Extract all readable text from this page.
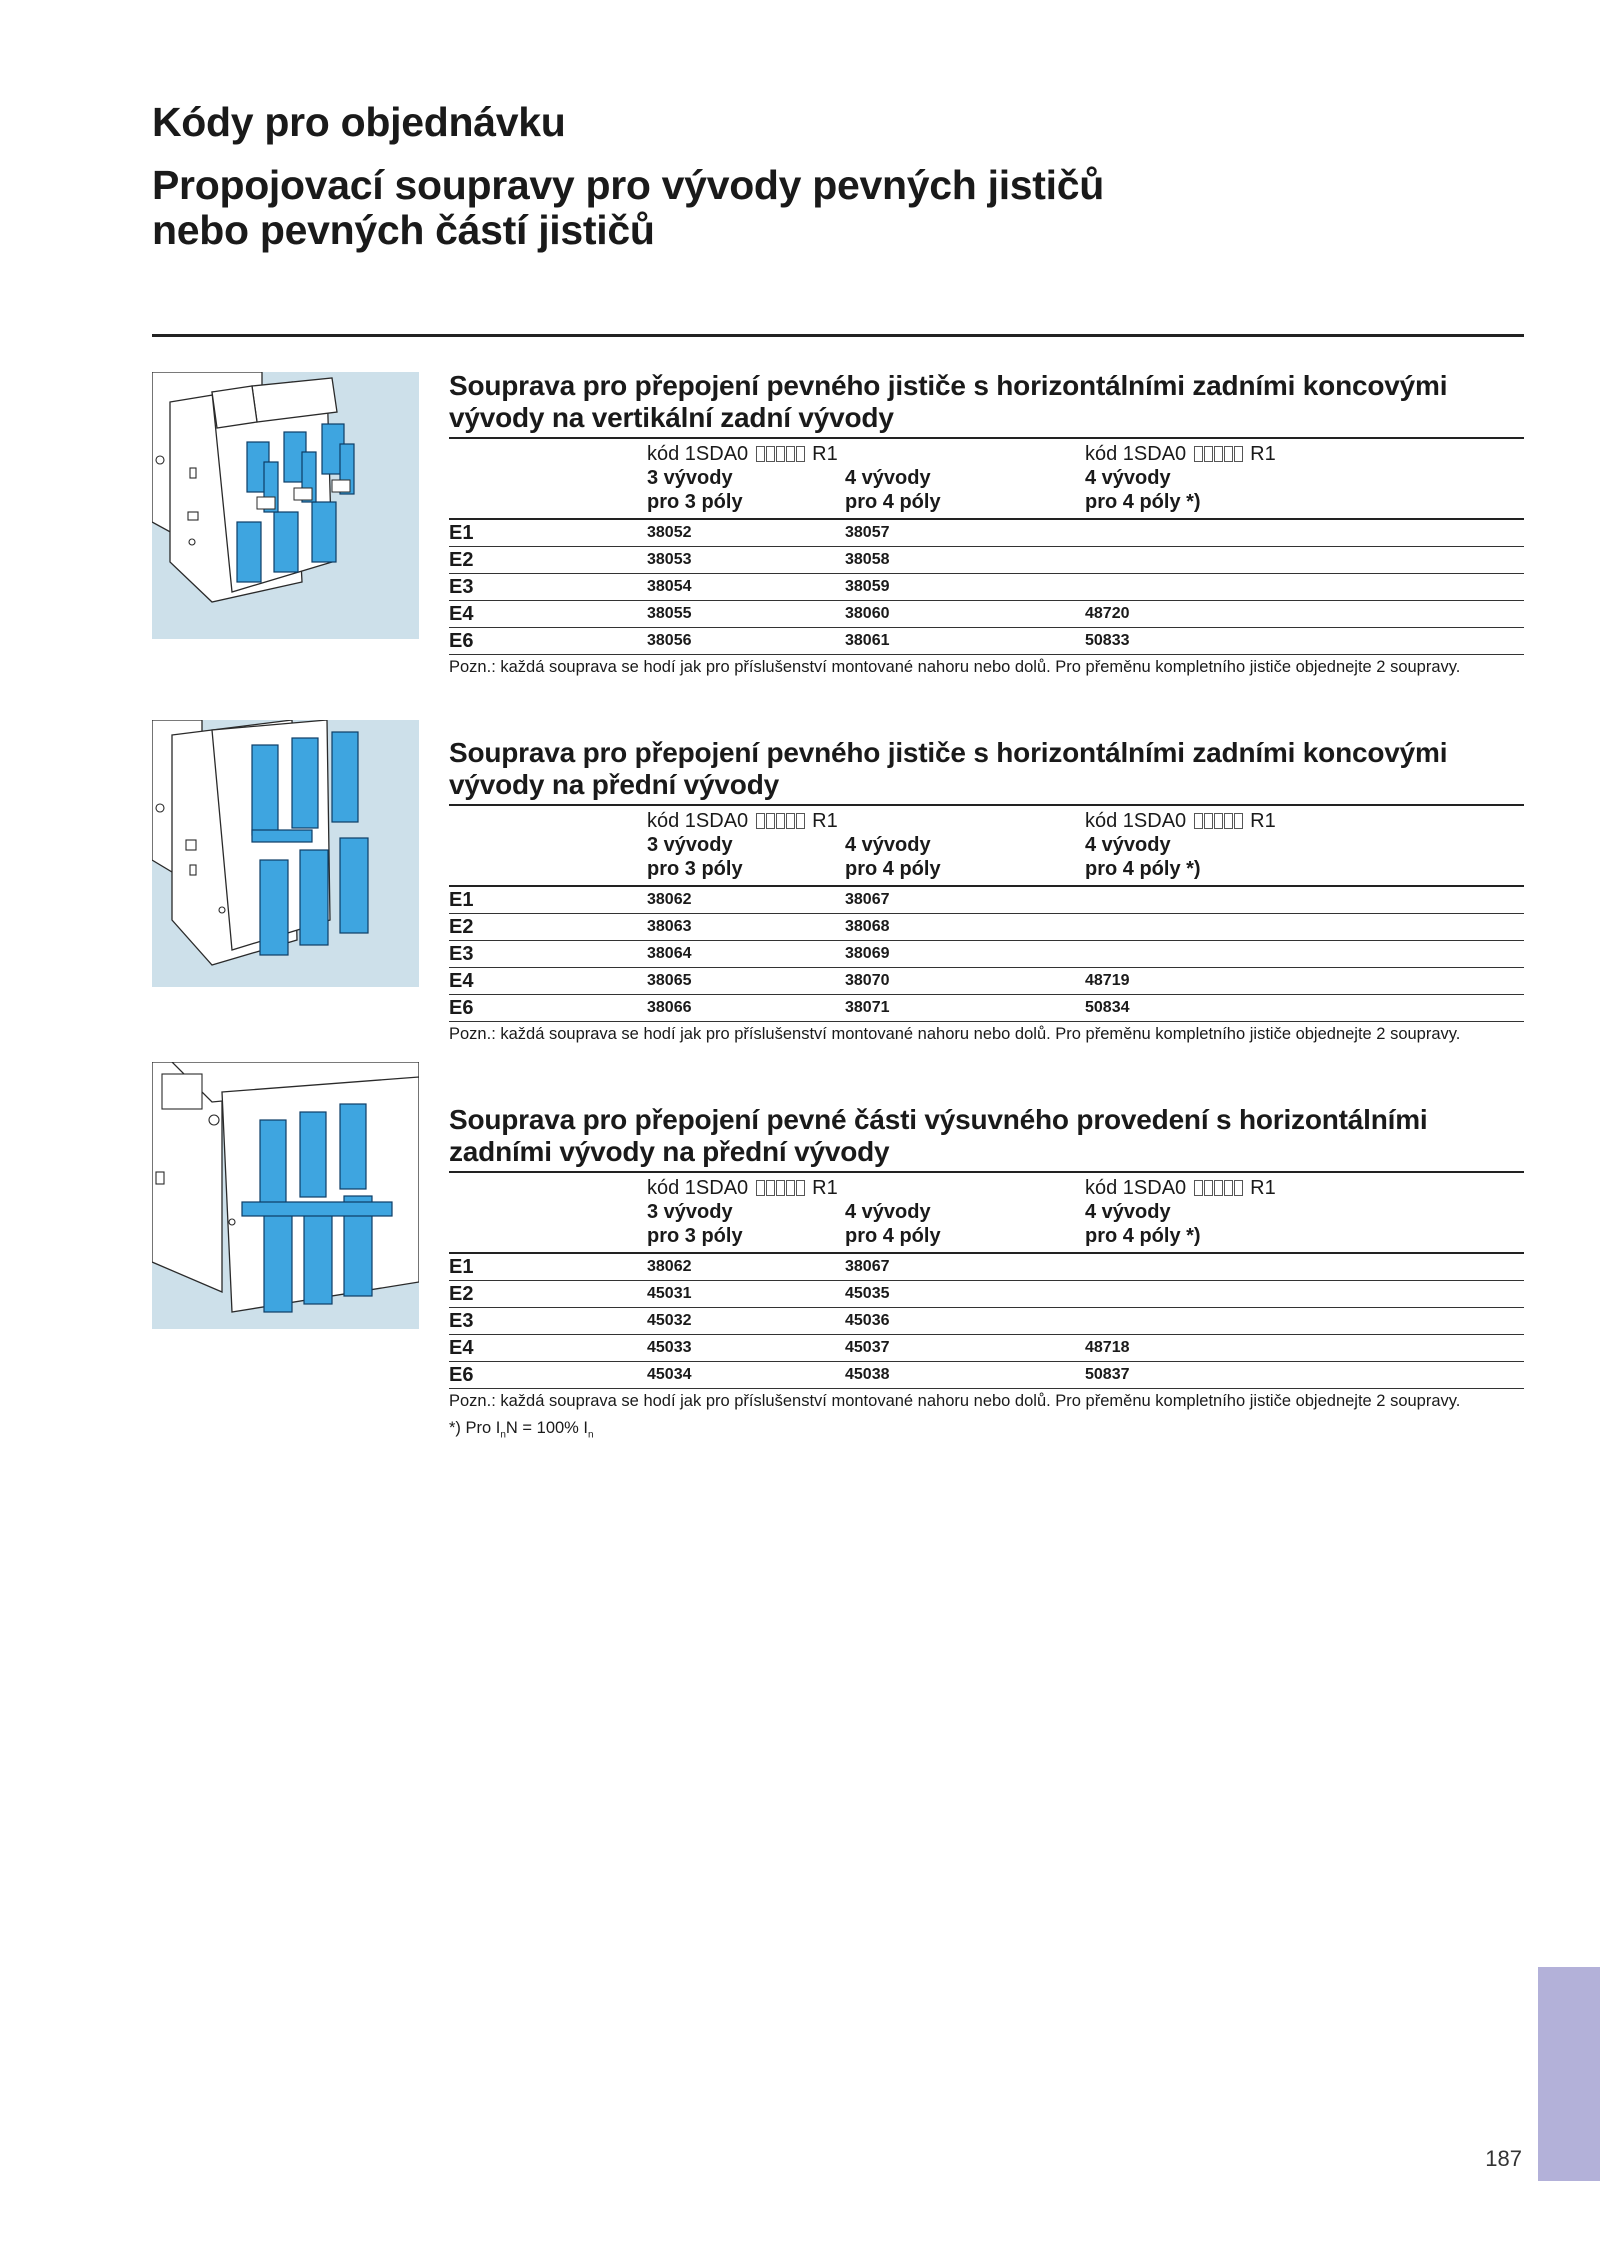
Kódy pro objednávku
Propojovací soupravy pro vývody pevných jističů
nebo pevných částí jističů
Souprava pro přepojení pevného jističe s horizontálními zadními koncovými vývody na vertikální zadní vývody

	kód 1SDA0 R1
3 vývody
pro 3 póly	4 vývody
pro 4 póly	kód 1SDA0 R1
4 vývody
pro 4 póly *)

E1	38052	38057	
E2	38053	38058	
E3	38054	38059	
E4	38055	38060	48720
E6	38056	38061	50833
Pozn.: každá souprava se hodí jak pro příslušenství montované nahoru nebo dolů. Pro přeměnu kompletního jističe objednejte 2 soupravy.
Souprava pro přepojení pevného jističe s horizontálními zadními koncovými vývody na přední vývody

	kód 1SDA0 R1
3 vývody
pro 3 póly	4 vývody
pro 4 póly	kód 1SDA0 R1
4 vývody
pro 4 póly *)

E1	38062	38067	
E2	38063	38068	
E3	38064	38069	
E4	38065	38070	48719
E6	38066	38071	50834
Pozn.: každá souprava se hodí jak pro příslušenství montované nahoru nebo dolů. Pro přeměnu kompletního jističe objednejte 2 soupravy.
Souprava pro přepojení pevné části výsuvného provedení s horizontálními zadními vývody na přední vývody

	kód 1SDA0 R1
3 vývody
pro 3 póly	4 vývody
pro 4 póly	kód 1SDA0 R1
4 vývody
pro 4 póly *)

E1	38062	38067	
E2	45031	45035	
E3	45032	45036	
E4	45033	45037	48718
E6	45034	45038	50837
Pozn.: každá souprava se hodí jak pro příslušenství montované nahoru nebo dolů. Pro přeměnu kompletního jističe objednejte 2 soupravy.
*) Pro $I_nN = 100\%$ $I_n$
187
